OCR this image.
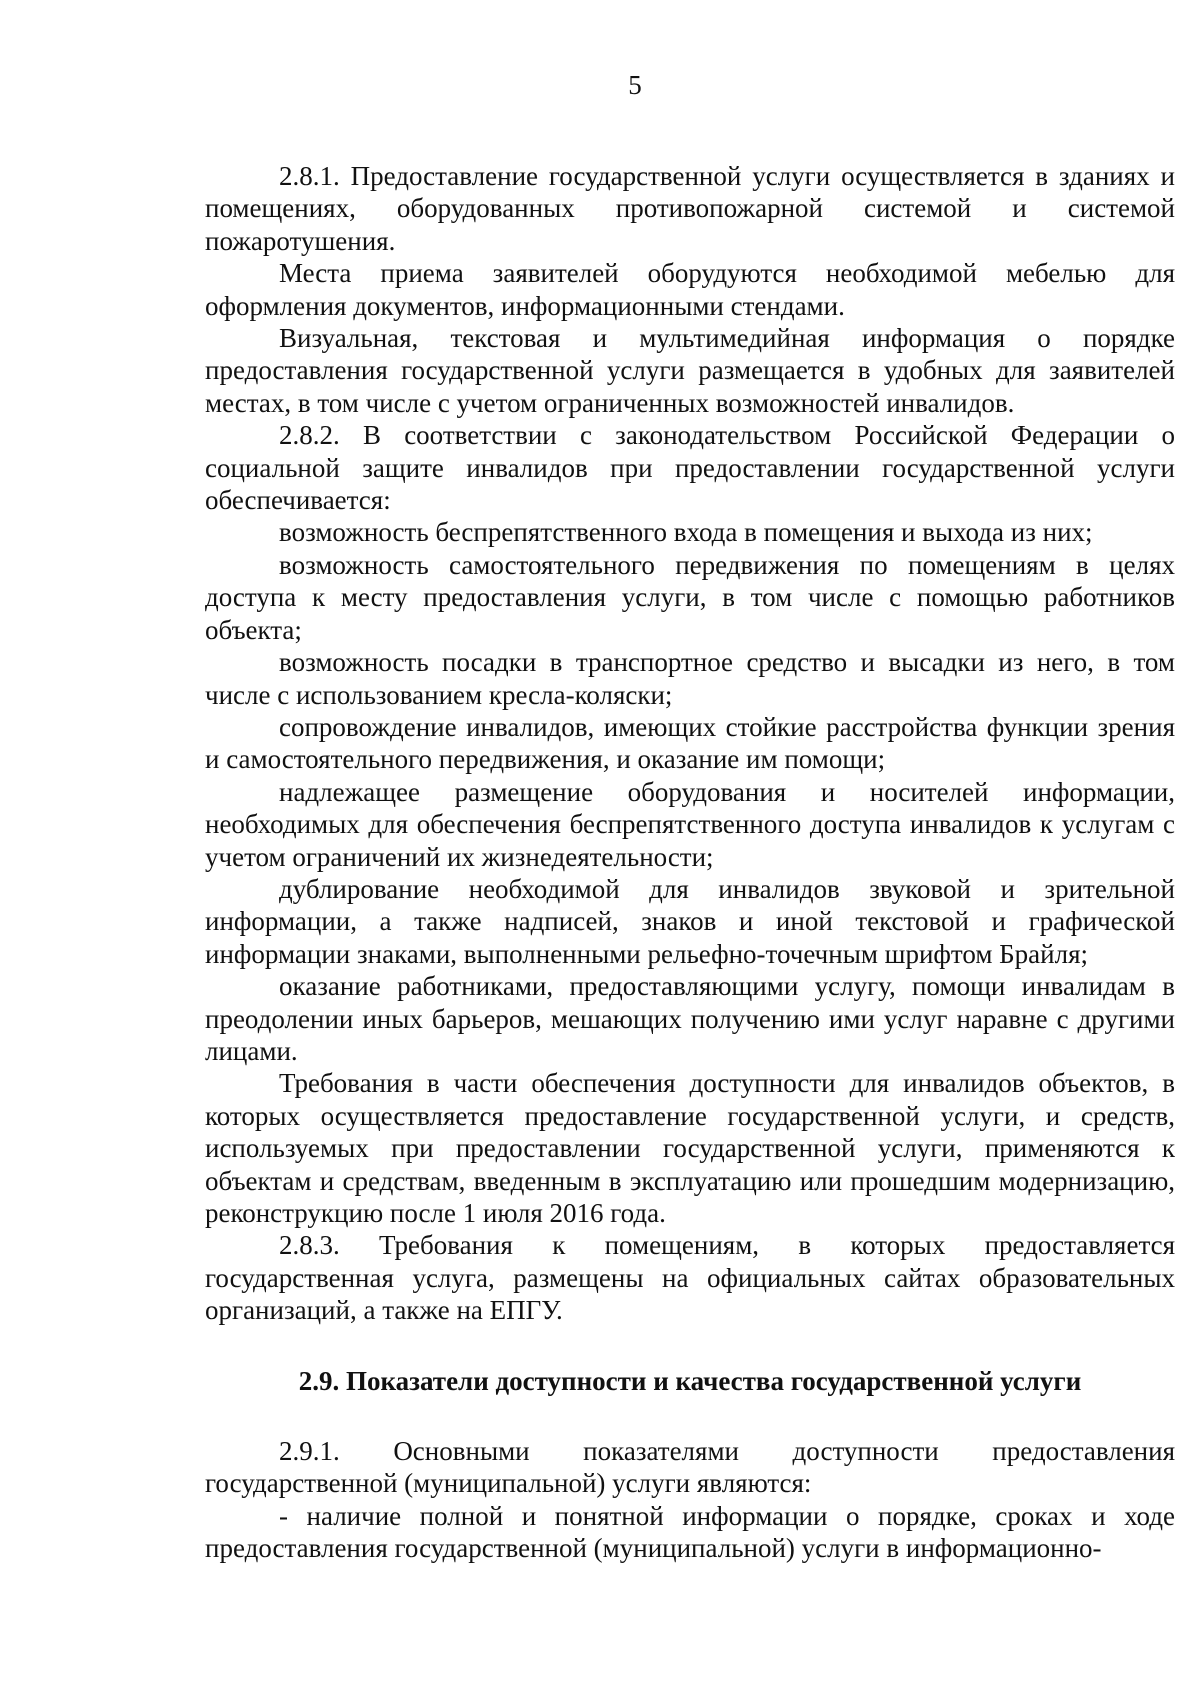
5

2.8.1. Предоставление государственной услуги осуществляется в зданиях и помещениях, оборудованных противопожарной системой и системой пожаротушения.

Места приема заявителей оборудуются необходимой мебелью для оформления документов, информационными стендами.

Визуальная, текстовая и мультимедийная информация о порядке предоставления государственной услуги размещается в удобных для заявителей местах, в том числе с учетом ограниченных возможностей инвалидов.

2.8.2. В соответствии с законодательством Российской Федерации о социальной защите инвалидов при предоставлении государственной услуги обеспечивается:

возможность беспрепятственного входа в помещения и выхода из них;

возможность самостоятельного передвижения по помещениям в целях доступа к месту предоставления услуги, в том числе с помощью работников объекта;

возможность посадки в транспортное средство и высадки из него, в том числе с использованием кресла-коляски;

сопровождение инвалидов, имеющих стойкие расстройства функции зрения и самостоятельного передвижения, и оказание им помощи;

надлежащее размещение оборудования и носителей информации, необходимых для обеспечения беспрепятственного доступа инвалидов к услугам с учетом ограничений их жизнедеятельности;

дублирование необходимой для инвалидов звуковой и зрительной информации, а также надписей, знаков и иной текстовой и графической информации знаками, выполненными рельефно-точечным шрифтом Брайля;

оказание работниками, предоставляющими услугу, помощи инвалидам в преодолении иных барьеров, мешающих получению ими услуг наравне с другими лицами.

Требования в части обеспечения доступности для инвалидов объектов, в которых осуществляется предоставление государственной услуги, и средств, используемых при предоставлении государственной услуги, применяются к объектам и средствам, введенным в эксплуатацию или прошедшим модернизацию, реконструкцию после 1 июля 2016 года.

2.8.3. Требования к помещениям, в которых предоставляется государственная услуга, размещены на официальных сайтах образовательных организаций, а также на ЕПГУ.

2.9. Показатели доступности и качества государственной услуги

2.9.1. Основными показателями доступности предоставления государственной (муниципальной) услуги являются:

- наличие полной и понятной информации о порядке, сроках и ходе предоставления государственной (муниципальной) услуги в информационно-
